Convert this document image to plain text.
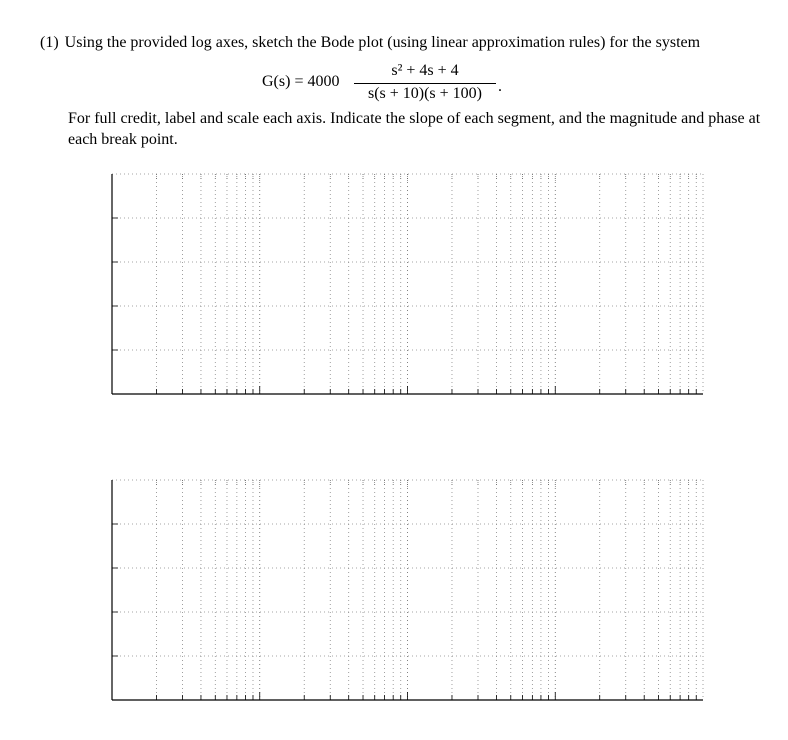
(1) Using the provided log axes, sketch the Bode plot (using linear approximation rules) for the system
G(s) = 4000
s² + 4s + 4
s(s + 10)(s + 100) .
For full credit, label and scale each axis. Indicate the slope of each segment, and the magnitude and phase at each break point.
